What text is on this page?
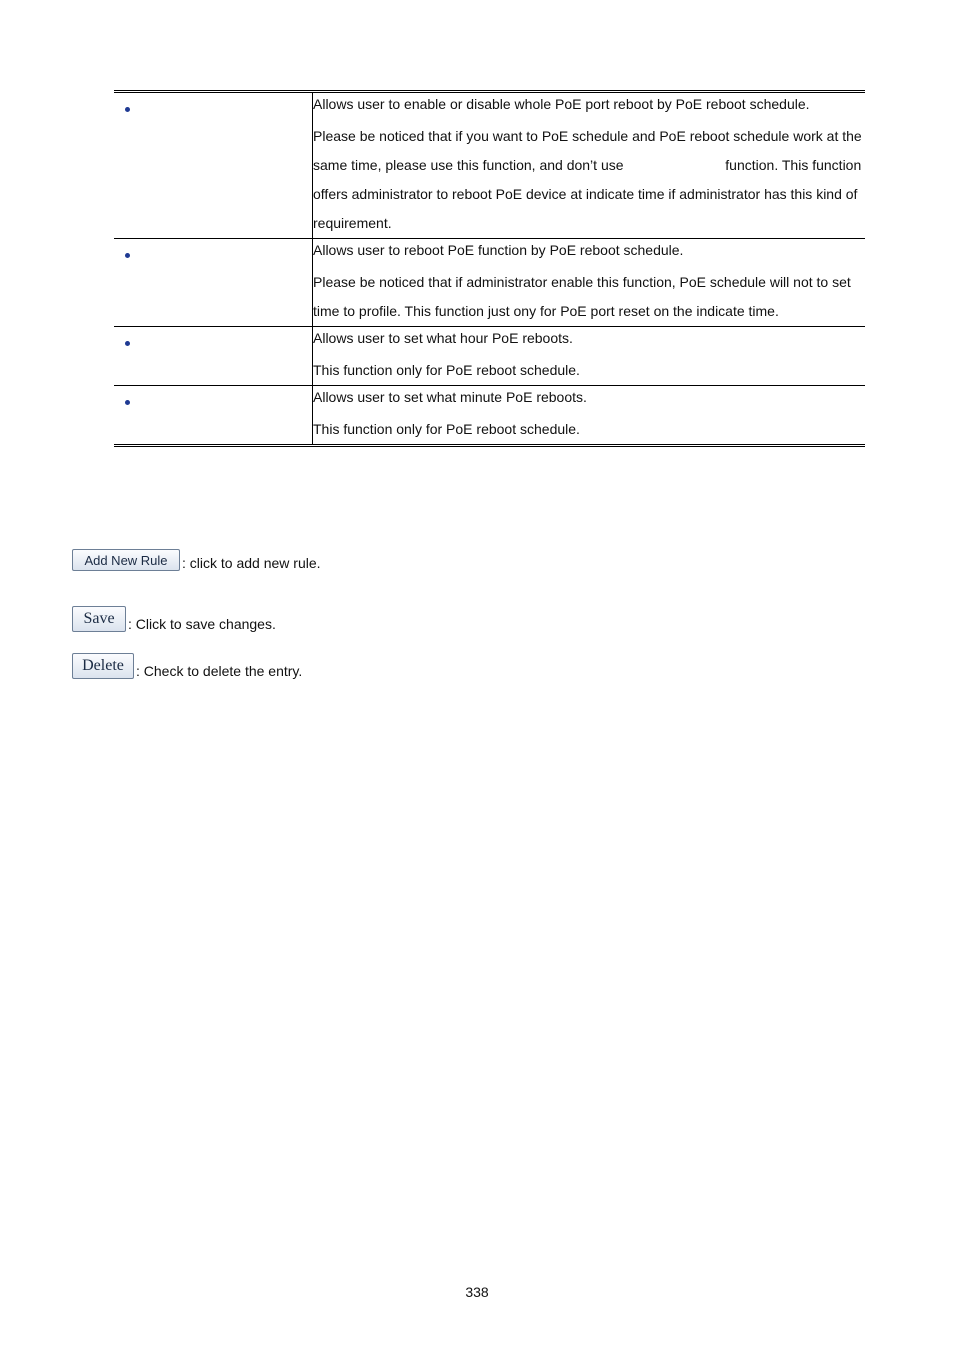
	Allows user to enable or disable whole PoE port reboot by PoE reboot schedule.

Please be noticed that if you want to PoE schedule and PoE reboot schedule work at the same time, please use this function, and don’t use function. This function offers administrator to reboot PoE device at indicate time if administrator has this kind of requirement.

	Allows user to reboot PoE function by PoE reboot schedule.

Please be noticed that if administrator enable this function, PoE schedule will not to set time to profile. This function just ony for PoE port reset on the indicate time.

	Allows user to set what hour PoE reboots.

This function only for PoE reboot schedule.

	Allows user to set what minute PoE reboots.

This function only for PoE reboot schedule.

Add New Rule	: click to add new rule.
Save : Click to save changes.
Delete : Check to delete the entry.
338
